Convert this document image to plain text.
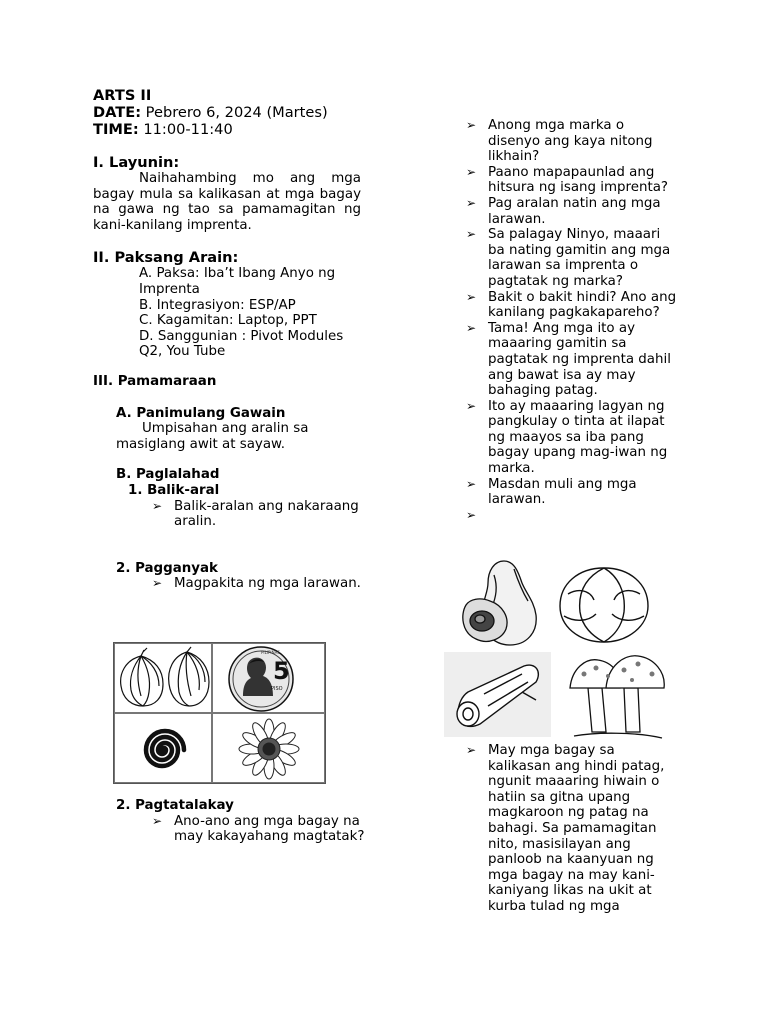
ARTS II
DATE: Pebrero 6, 2024 (Martes)
TIME: 11:00-11:40
I. Layunin:
Naihahambing mo ang mga bagay mula sa kalikasan at mga bagay na gawa ng tao sa pamamagitan ng kani-kanilang imprenta.
II. Paksang Arain:
A. Paksa: Iba’t Ibang Anyo ng Imprenta
B. Integrasiyon: ESP/AP
C. Kagamitan: Laptop, PPT
D. Sanggunian : Pivot Modules Q2, You Tube
III. Pamamaraan
A. Panimulang Gawain
Umpisahan ang aralin sa masiglang awit at sayaw.
B. Paglalahad
1. Balik-aral
➢ Balik-aralan ang nakaraang aralin.
2. Pagganyak
➢ Magpakita ng mga larawan.
5
PISO
PILIPINAS
2. Pagtatalakay
➢ Ano-ano ang mga bagay na may kakayahang magtatak?
➢ Anong mga marka o disenyo ang kaya nitong likhain?
➢ Paano mapapaunlad ang hitsura ng isang imprenta?
➢ Pag aralan natin ang mga larawan.
➢ Sa palagay Ninyo, maaari ba nating gamitin ang mga larawan sa imprenta o pagtatak ng marka?
➢ Bakit o bakit hindi? Ano ang kanilang pagkakapareho?
➢ Tama! Ang mga ito ay maaaring gamitin sa pagtatak ng imprenta dahil ang bawat isa ay may bahaging patag.
➢ Ito ay maaaring lagyan ng pangkulay o tinta at ilapat ng maayos sa iba pang bagay upang mag-iwan ng marka.
➢ Masdan muli ang mga larawan.
➢
➢ May mga bagay sa kalikasan ang hindi patag, ngunit maaaring hiwain o hatiin sa gitna upang magkaroon ng patag na bahagi. Sa pamamagitan nito, masisilayan ang panloob na kaanyuan ng mga bagay na may kani-kaniyang likas na ukit at kurba tulad ng mga
